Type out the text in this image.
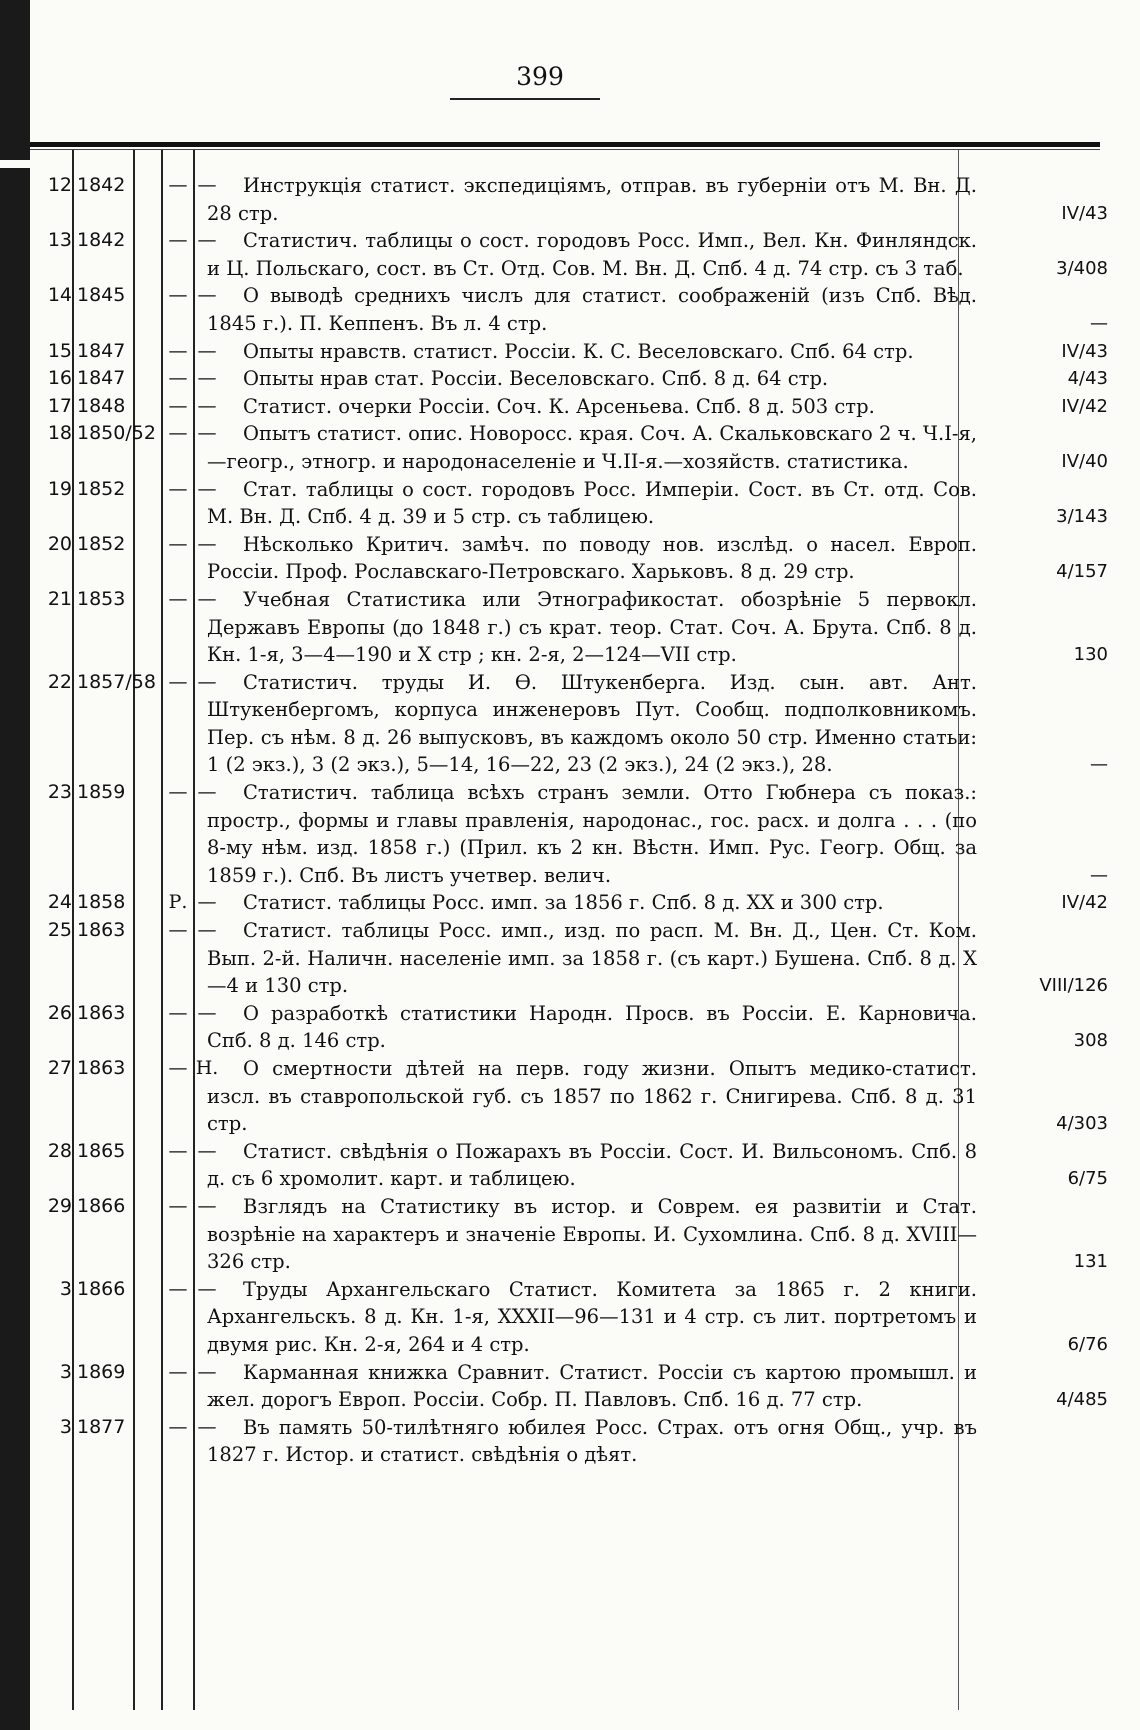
399
12 1842	— —	Инструкція статист. экспедиціямъ, отправ. въ губерніи отъ М. Вн. Д. 28 стр.	IV/43
13 1842	— —	Статистич. таблицы о сост. городовъ Росс. Имп., Вел. Кн. Финляндск. и Ц. Польскаго, сост. въ Ст. Отд. Сов. М. Вн. Д. Спб. 4 д. 74 стр. съ 3 таб.	3/408
14 1845	— —	О выводѣ среднихъ числъ для статист. соображеній (изъ Спб. Вѣд. 1845 г.). П. Кеппенъ. Въ л. 4 стр.	—
15 1847	— —	Опыты нравств. статист. Россіи. К. С. Веселовскаго. Спб. 64 стр.	IV/43
16 1847	— —	Опыты нрав стат. Россіи. Веселовскаго. Спб. 8 д. 64 стр.	4/43
17 1848	— —	Статист. очерки Россіи. Соч. К. Арсеньева. Спб. 8 д. 503 стр.	IV/42
18 1850/52 — —	Опытъ статист. опис. Новоросс. края. Соч. А. Скальковскаго 2 ч. Ч.I-я,—геогр., этногр. и народонаселеніе и Ч.II-я.—хозяйств. статистика.	IV/40
19 1852	— —	Стат. таблицы о сост. городовъ Росс. Имперіи. Сост. въ Ст. отд. Сов. М. Вн. Д. Спб. 4 д. 39 и 5 стр. съ таблицею.	3/143
20 1852	— —	Нѣсколько Критич. замѣч. по поводу нов. изслѣд. о насел. Европ. Россіи. Проф. Рославскаго-Петровскаго. Харьковъ. 8 д. 29 стр.	4/157
21 1853	— —	Учебная Статистика или Этнографикостат. обозрѣніе 5 первокл. Державъ Европы (до 1848 г.) съ крат. теор. Стат. Соч. А. Брута. Спб. 8 д. Кн. 1-я, 3—4—190 и X стр ; кн. 2-я, 2—124—VII стр.	130
22 1857/58 — —	Статистич. труды И. Ѳ. Штукенберга. Изд. сын. авт. Ант. Штукенбергомъ, корпуса инженеровъ Пут. Сообщ. подполковникомъ. Пер. съ нѣм. 8 д. 26 выпусковъ, въ каждомъ около 50 стр. Именно статьи: 1 (2 экз.), 3 (2 экз.), 5—14, 16—22, 23 (2 экз.), 24 (2 экз.), 28.	—
23 1859	— —	Статистич. таблица всѣхъ странъ земли. Отто Гюбнера съ показ.: простр., формы и главы правленія, народонас., гос. расх. и долга . . . (по 8-му нѣм. изд. 1858 г.) (Прил. къ 2 кн. Вѣстн. Имп. Рус. Геогр. Общ. за 1859 г.). Спб. Въ листъ учетвер. велич.	—
24 1858	Р. —	Статист. таблицы Росс. имп. за 1856 г. Спб. 8 д. XX и 300 стр.	IV/42
25 1863	— —	Статист. таблицы Росс. имп., изд. по расп. М. Вн. Д., Цен. Ст. Ком. Вып. 2-й. Наличн. населеніе имп. за 1858 г. (съ карт.) Бушена. Спб. 8 д. X—4 и 130 стр.	VIII/126
26 1863	— —	О разработкѣ статистики Народн. Просв. въ Россіи. Е. Карновича. Спб. 8 д. 146 стр.	308
27 1863	— Н.	О смертности дѣтей на перв. году жизни. Опытъ медико-статист. изсл. въ ставропольской губ. съ 1857 по 1862 г. Снигирева. Спб. 8 д. 31 стр.	4/303
28 1865	— —	Статист. свѣдѣнія о Пожарахъ въ Россіи. Сост. И. Вильсономъ. Спб. 8 д. съ 6 хромолит. карт. и таблицею.	6/75
29 1866	— —	Взглядъ на Статистику въ истор. и Соврем. ея развитіи и Стат. возрѣніе на характеръ и значеніе Европы. И. Сухомлина. Спб. 8 д. XVIII—326 стр.	131
3 1866	— —	Труды Архангельскаго Статист. Комитета за 1865 г. 2 книги. Архангельскъ. 8 д. Кн. 1-я, XXXII—96—131 и 4 стр. съ лит. портретомъ и двумя рис. Кн. 2-я, 264 и 4 стр.	6/76
3 1869	— —	Карманная книжка Сравнит. Статист. Россіи съ картою промышл. и жел. дорогъ Европ. Россіи. Собр. П. Павловъ. Спб. 16 д. 77 стр.	4/485
3 1877	— —	Въ память 50-тилѣтняго юбилея Росс. Страх. отъ огня Общ., учр. въ 1827 г. Истор. и статист. свѣдѣнія о дѣят.
